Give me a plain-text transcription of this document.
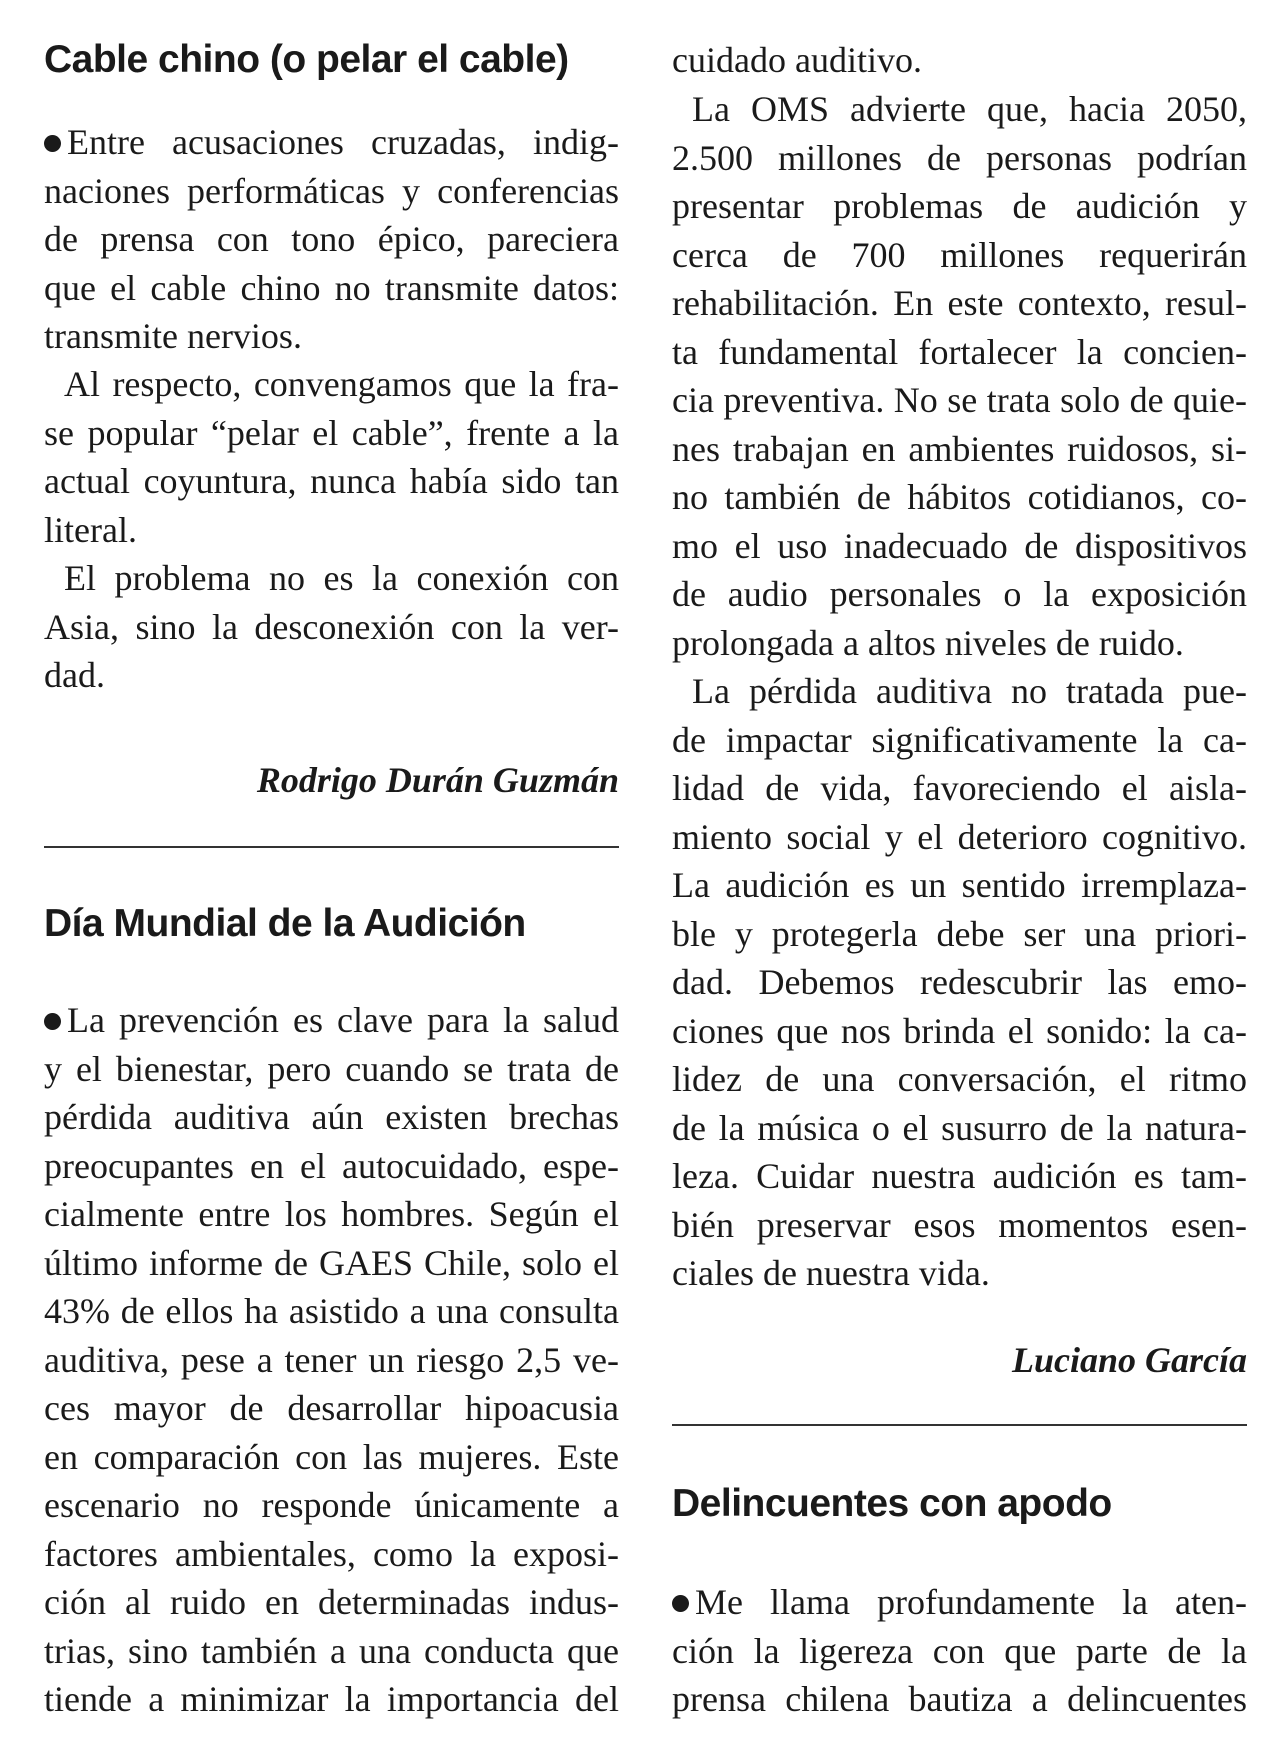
Cable chino (o pelar el cable)
Entre acusaciones cruzadas, indig-
naciones performáticas y conferencias
de prensa con tono épico, pareciera
que el cable chino no transmite datos:
transmite nervios.
Al respecto, convengamos que la fra-
se popular “pelar el cable”, frente a la
actual coyuntura, nunca había sido tan
literal.
El problema no es la conexión con
Asia, sino la desconexión con la ver-
dad.
Rodrigo Durán Guzmán
Día Mundial de la Audición
La prevención es clave para la salud
y el bienestar, pero cuando se trata de
pérdida auditiva aún existen brechas
preocupantes en el autocuidado, espe-
cialmente entre los hombres. Según el
último informe de GAES Chile, solo el
43% de ellos ha asistido a una consulta
auditiva, pese a tener un riesgo 2,5 ve-
ces mayor de desarrollar hipoacusia
en comparación con las mujeres. Este
escenario no responde únicamente a
factores ambientales, como la exposi-
ción al ruido en determinadas indus-
trias, sino también a una conducta que
tiende a minimizar la importancia del
cuidado auditivo.
La OMS advierte que, hacia 2050,
2.500 millones de personas podrían
presentar problemas de audición y
cerca de 700 millones requerirán
rehabilitación. En este contexto, resul-
ta fundamental fortalecer la concien-
cia preventiva. No se trata solo de quie-
nes trabajan en ambientes ruidosos, si-
no también de hábitos cotidianos, co-
mo el uso inadecuado de dispositivos
de audio personales o la exposición
prolongada a altos niveles de ruido.
La pérdida auditiva no tratada pue-
de impactar significativamente la ca-
lidad de vida, favoreciendo el aisla-
miento social y el deterioro cognitivo.
La audición es un sentido irremplaza-
ble y protegerla debe ser una priori-
dad. Debemos redescubrir las emo-
ciones que nos brinda el sonido: la ca-
lidez de una conversación, el ritmo
de la música o el susurro de la natura-
leza. Cuidar nuestra audición es tam-
bién preservar esos momentos esen-
ciales de nuestra vida.
Luciano García
Delincuentes con apodo
Me llama profundamente la aten-
ción la ligereza con que parte de la
prensa chilena bautiza a delincuentes
